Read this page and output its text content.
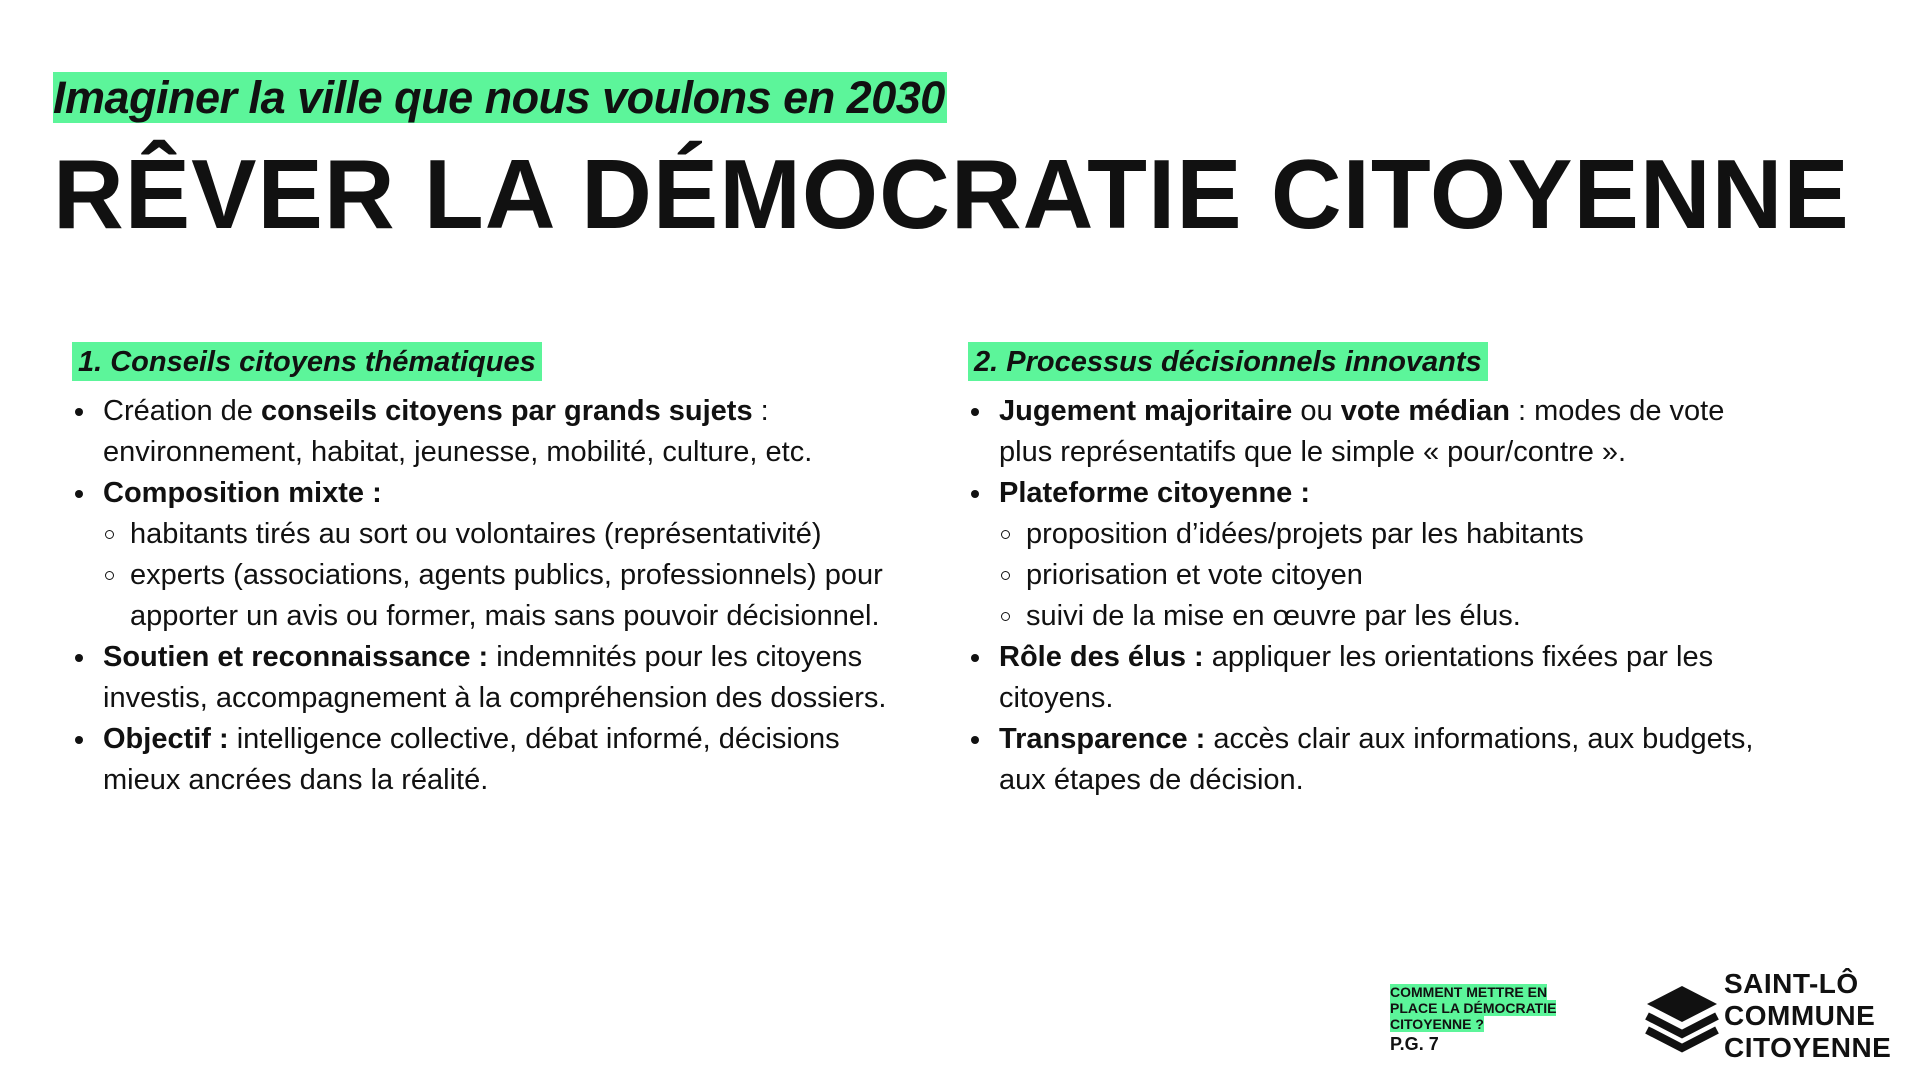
Imaginer la ville que nous voulons en 2030
RÊVER LA DÉMOCRATIE CITOYENNE
1. Conseils citoyens thématiques
Création de conseils citoyens par grands sujets : environnement, habitat, jeunesse, mobilité, culture, etc.
Composition mixte :
habitants tirés au sort ou volontaires (représentativité)
experts (associations, agents publics, professionnels) pour apporter un avis ou former, mais sans pouvoir décisionnel.
Soutien et reconnaissance : indemnités pour les citoyens investis, accompagnement à la compréhension des dossiers.
Objectif : intelligence collective, débat informé, décisions mieux ancrées dans la réalité.
2. Processus décisionnels innovants
Jugement majoritaire ou vote médian : modes de vote plus représentatifs que le simple « pour/contre ».
Plateforme citoyenne :
proposition d’idées/projets par les habitants
priorisation et vote citoyen
suivi de la mise en œuvre par les élus.
Rôle des élus : appliquer les orientations fixées par les citoyens.
Transparence : accès clair aux informations, aux budgets, aux étapes de décision.
COMMENT METTRE EN PLACE LA DÉMOCRATIE CITOYENNE ?
P.G. 7
SAINT-LÔ
COMMUNE
CITOYENNE
